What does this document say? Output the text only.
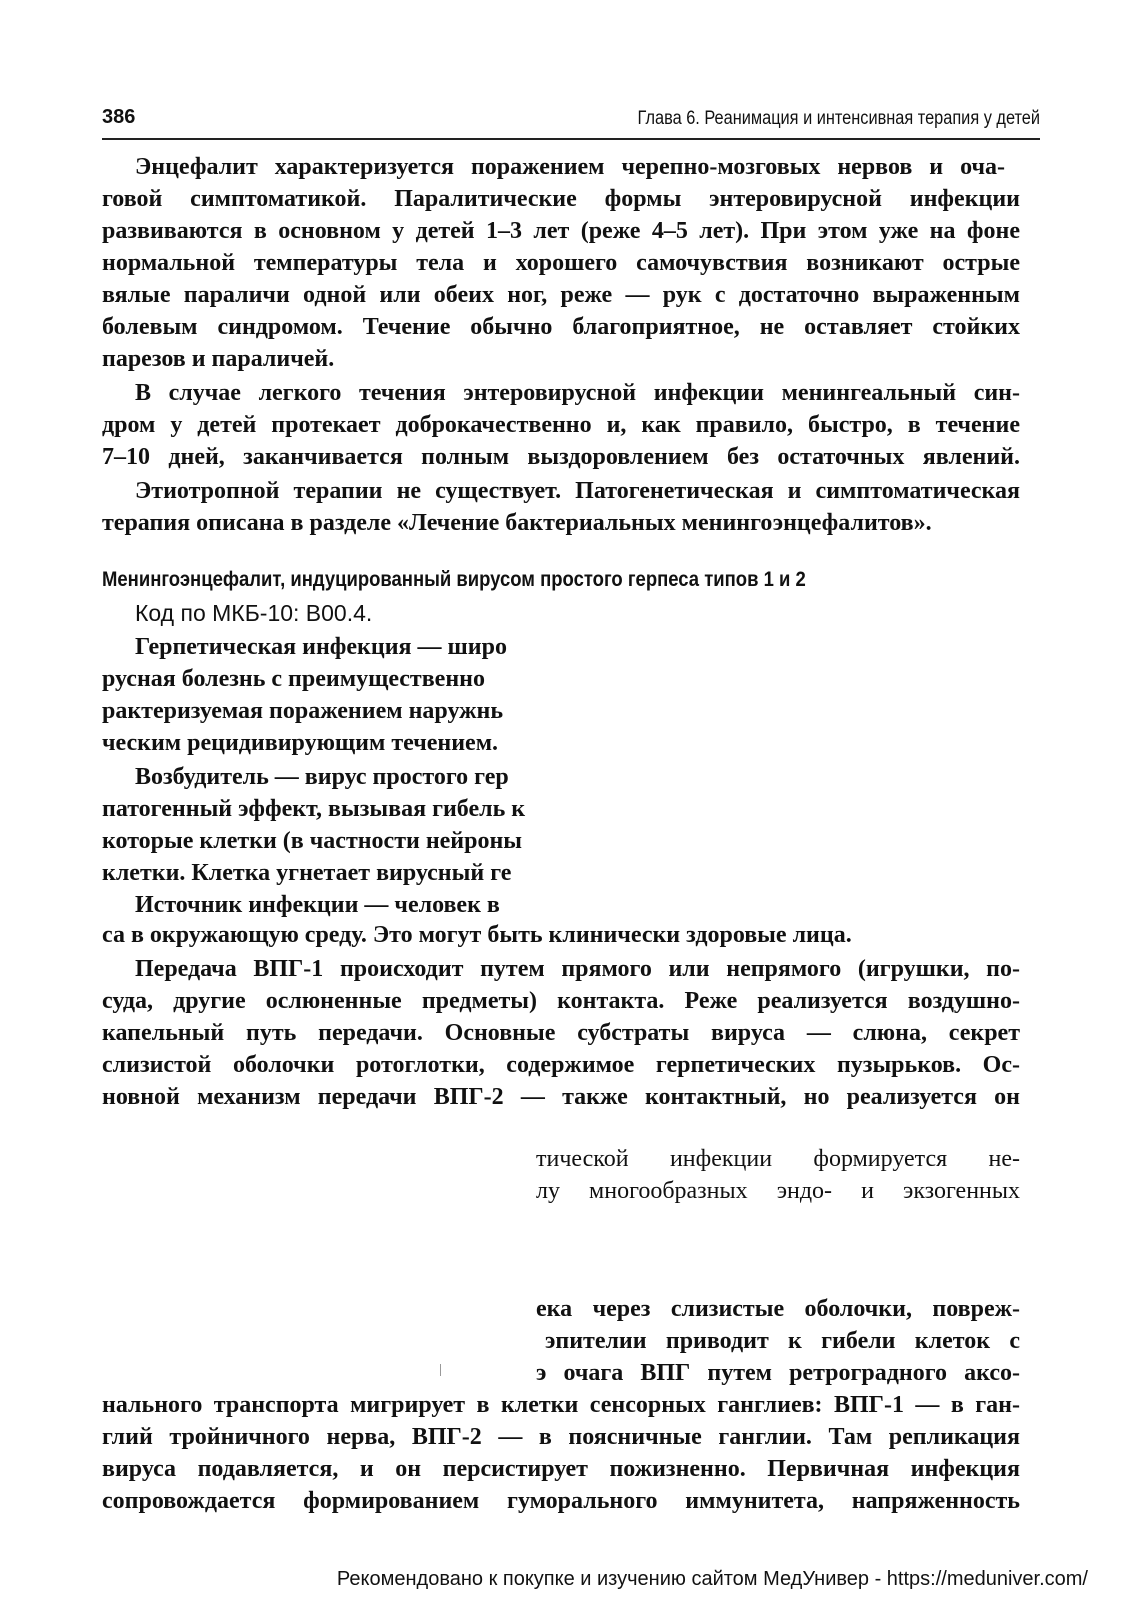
386	Глава 6. Реанимация и интенсивная терапия у детей
Энцефалит характеризуется поражением черепно-мозговых нервов и оча-
говой симптоматикой. Паралитические формы энтеровирусной инфекции
развиваются в основном у детей 1–3 лет (реже 4–5 лет). При этом уже на фоне
нормальной температуры тела и хорошего самочувствия возникают острые
вялые параличи одной или обеих ног, реже — рук с достаточно выраженным
болевым синдромом. Течение обычно благоприятное, не оставляет стойких
парезов и параличей.
В случае легкого течения энтеровирусной инфекции менингеальный син-
дром у детей протекает доброкачественно и, как правило, быстро, в течение
7–10 дней, заканчивается полным выздоровлением без остаточных явлений.
Этиотропной терапии не существует. Патогенетическая и симптоматическая
терапия описана в разделе «Лечение бактериальных менингоэнцефалитов».
Менингоэнцефалит, индуцированный вирусом простого герпеса типов 1 и 2
Код по МКБ-10: В00.4.
Герпетическая инфекция — широ
русная болезнь с преимущественно
рактеризуемая поражением наружнь
ческим рецидивирующим течением.
Возбудитель — вирус простого гер
патогенный эффект, вызывая гибель к
которые клетки (в частности нейроны
клетки. Клетка угнетает вирусный ге
Источник инфекции — человек в
са в окружающую среду. Это могут быть клинически здоровые лица.
Передача ВПГ-1 происходит путем прямого или непрямого (игрушки, по-
суда, другие ослюненные предметы) контакта. Реже реализуется воздушно-
капельный путь передачи. Основные субстраты вируса — слюна, секрет
слизистой оболочки ротоглотки, содержимое герпетических пузырьков. Ос-
новной механизм передачи ВПГ-2 — также контактный, но реализуется он
тической инфекции формируется не-
лу многообразных эндо- и экзогенных
ека через слизистые оболочки, повреж-
эпителии приводит к гибели клеток с
э очага ВПГ путем ретроградного аксо-
нального транспорта мигрирует в клетки сенсорных ганглиев: ВПГ-1 — в ган-
глий тройничного нерва, ВПГ-2 — в поясничные ганглии. Там репликация
вируса подавляется, и он персистирует пожизненно. Первичная инфекция
сопровождается формированием гуморального иммунитета, напряженность
Рекомендовано к покупке и изучению сайтом МедУнивер - https://meduniver.com/
